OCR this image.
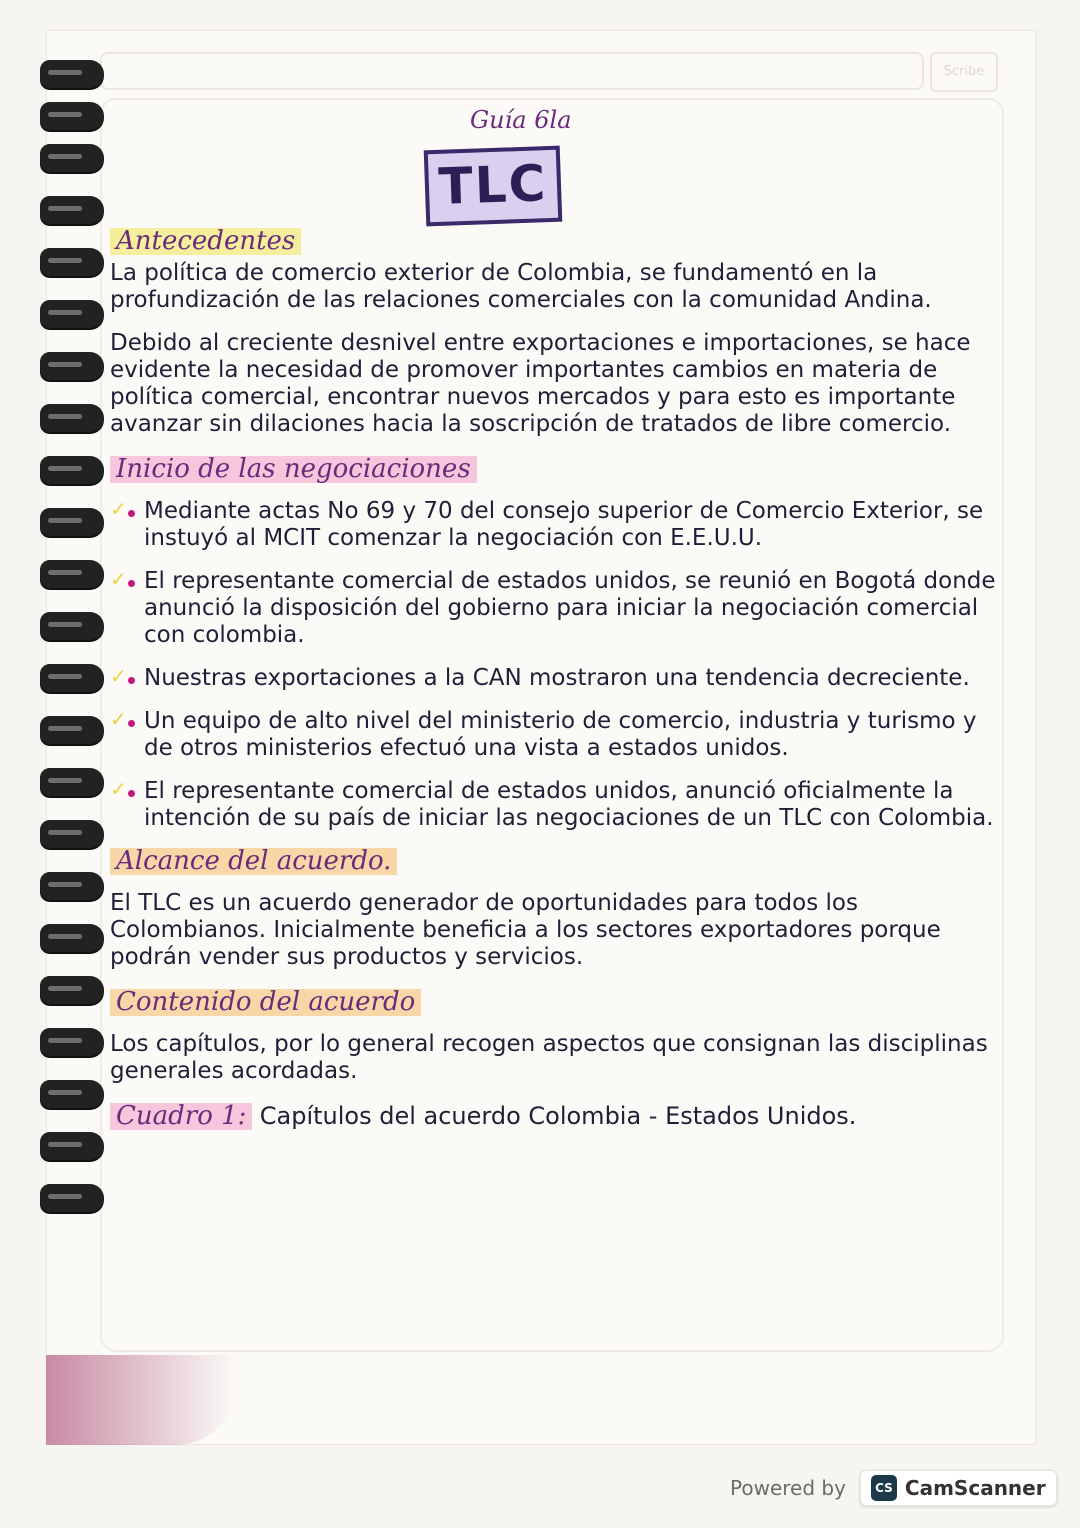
Scribe
Guía 6la
TLC
Antecedentes

La política de comercio exterior de Colombia, se fundamentó en la profundización de las relaciones comerciales con la comunidad Andina.

Debido al creciente desnivel entre exportaciones e importaciones, se hace evidente la necesidad de promover importantes cambios en materia de política comercial, encontrar nuevos mercados y para esto es importante avanzar sin dilaciones hacia la soscripción de tratados de libre comercio.

Inicio de las negociaciones
✓ Mediante actas No 69 y 70 del consejo superior de Comercio Exterior, se instuyó al MCIT comenzar la negociación con E.E.U.U.
✓ El representante comercial de estados unidos, se reunió en Bogotá donde anunció la disposición del gobierno para iniciar la negociación comercial con colombia.
✓ Nuestras exportaciones a la CAN mostraron una tendencia decreciente.
✓ Un equipo de alto nivel del ministerio de comercio, industria y turismo y de otros ministerios efectuó una vista a estados unidos.
✓ El representante comercial de estados unidos, anunció oficialmente la intención de su país de iniciar las negociaciones de un TLC con Colombia.
Alcance del acuerdo.

El TLC es un acuerdo generador de oportunidades para todos los Colombianos. Inicialmente beneficia a los sectores exportadores porque podrán vender sus productos y servicios.

Contenido del acuerdo

Los capítulos, por lo general recogen aspectos que consignan las disciplinas generales acordadas.

Cuadro 1: Capítulos del acuerdo Colombia - Estados Unidos.
Powered by	CS CamScanner
